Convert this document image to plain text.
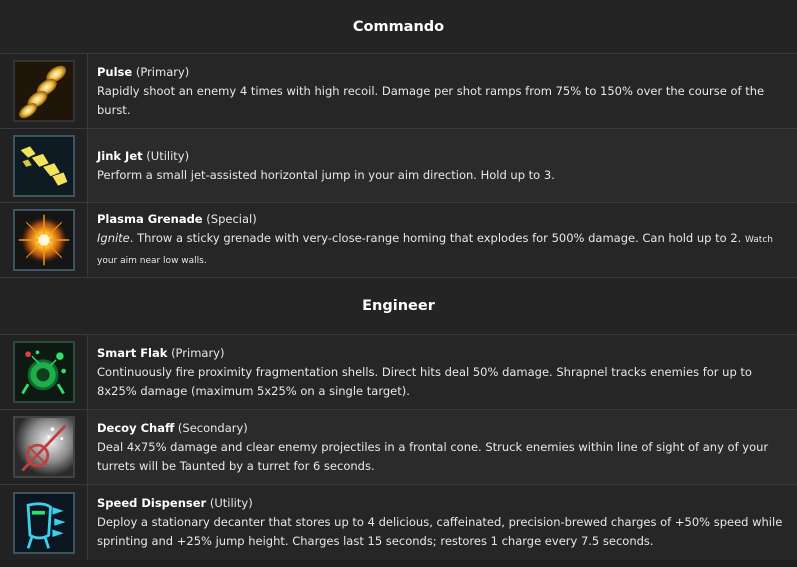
Commando
Pulse (Primary)
Rapidly shoot an enemy 4 times with high recoil. Damage per shot ramps from 75% to 150% over the course of the burst.
Jink Jet (Utility)
Perform a small jet-assisted horizontal jump in your aim direction. Hold up to 3.
Plasma Grenade (Special)
Ignite. Throw a sticky grenade with very-close-range homing that explodes for 500% damage. Can hold up to 2. Watch your aim near low walls.
Engineer
Smart Flak (Primary)
Continuously fire proximity fragmentation shells. Direct hits deal 50% damage. Shrapnel tracks enemies for up to 8x25% damage (maximum 5x25% on a single target).
Decoy Chaff (Secondary)
Deal 4x75% damage and clear enemy projectiles in a frontal cone. Struck enemies within line of sight of any of your turrets will be Taunted by a turret for 6 seconds.
Speed Dispenser (Utility)
Deploy a stationary decanter that stores up to 4 delicious, caffeinated, precision-brewed charges of +50% speed while sprinting and +25% jump height. Charges last 15 seconds; restores 1 charge every 7.5 seconds.
